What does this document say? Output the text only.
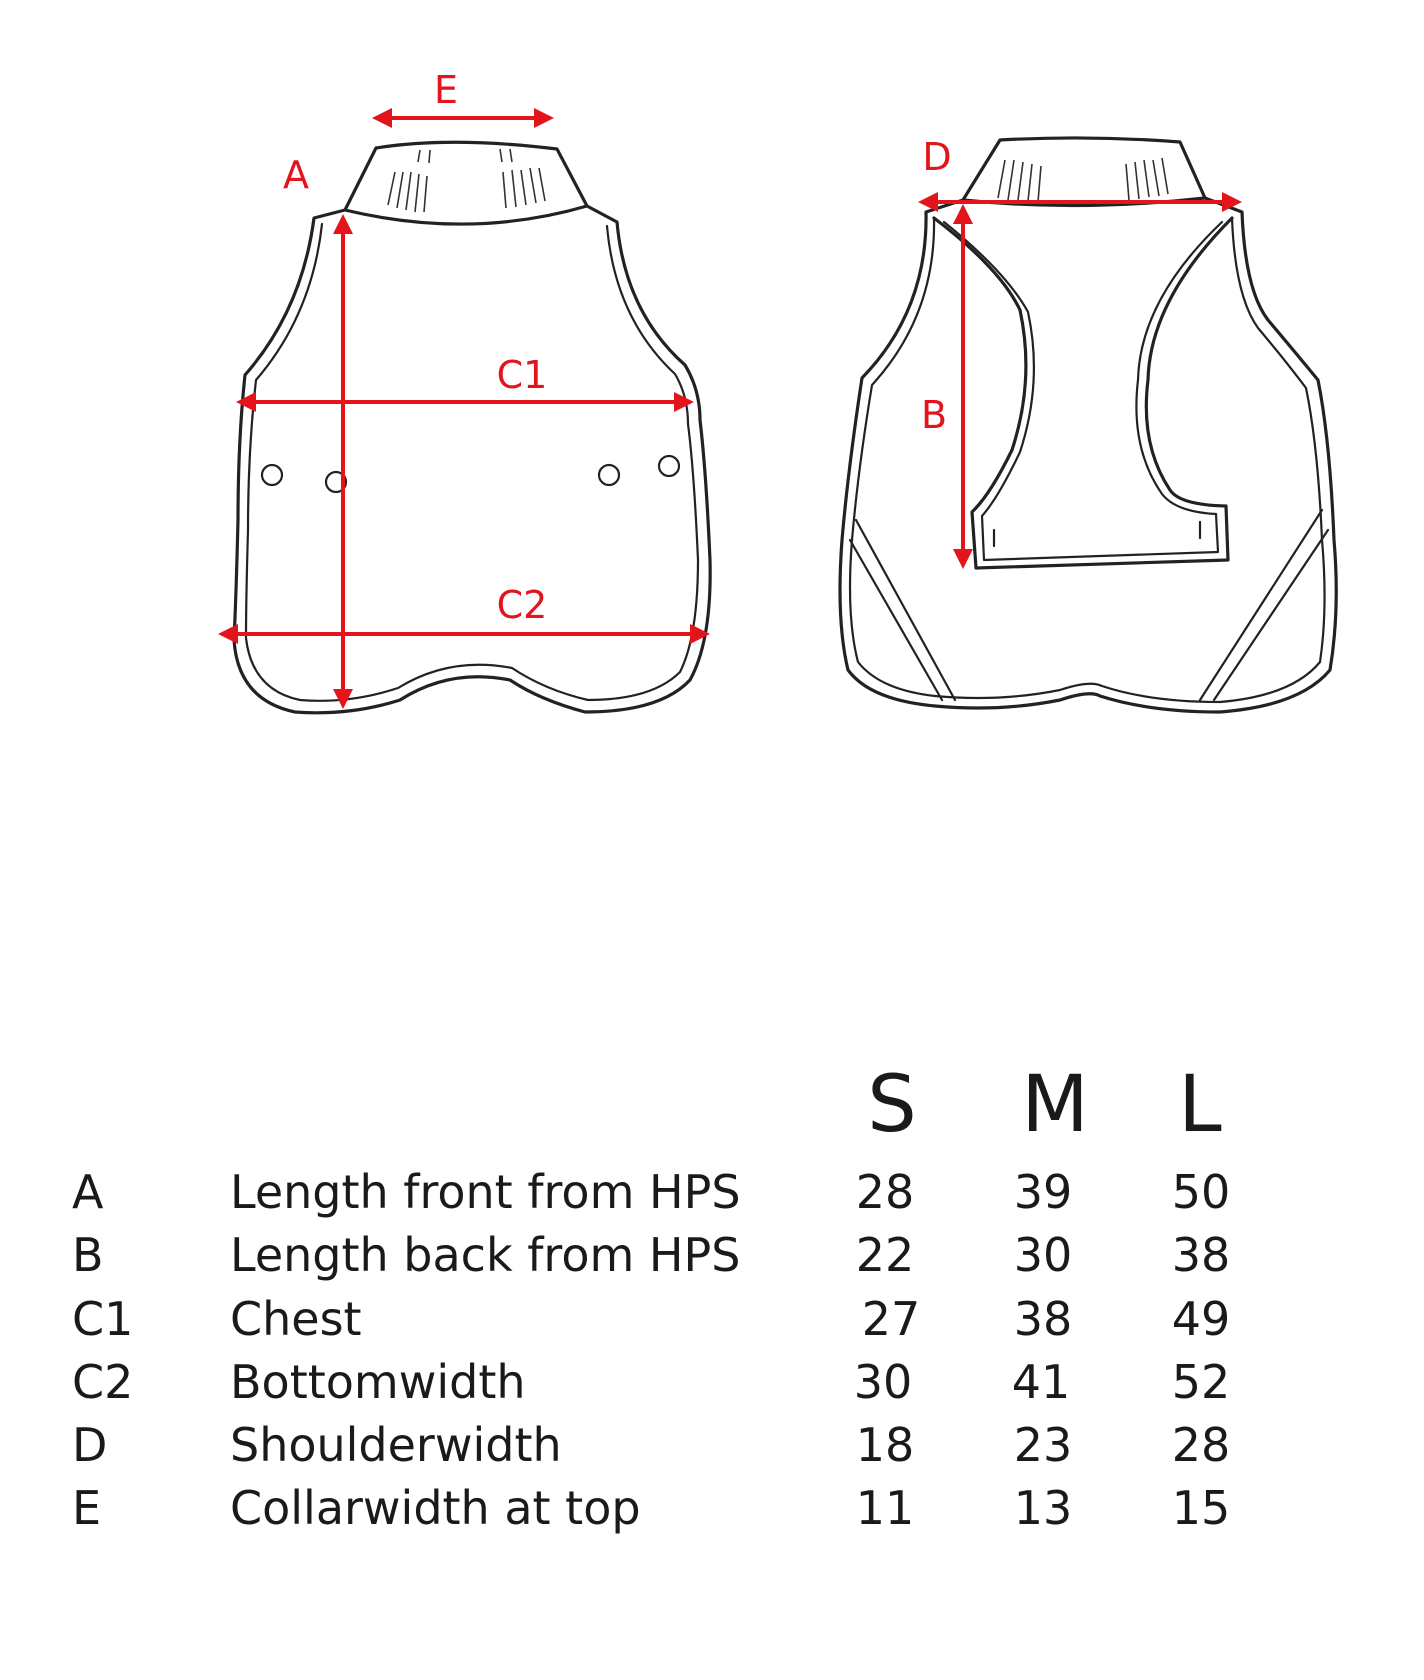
E
A
C1
C2
D
B
S	M	L
A	Length front from HPS	28	39	50
B	Length back from HPS	22	30	38
C1 Chest	27	38	49
C2 Bottomwidth	30	41	52
D	Shoulderwidth	18	23	28
E	Collarwidth at top	11	13	15
